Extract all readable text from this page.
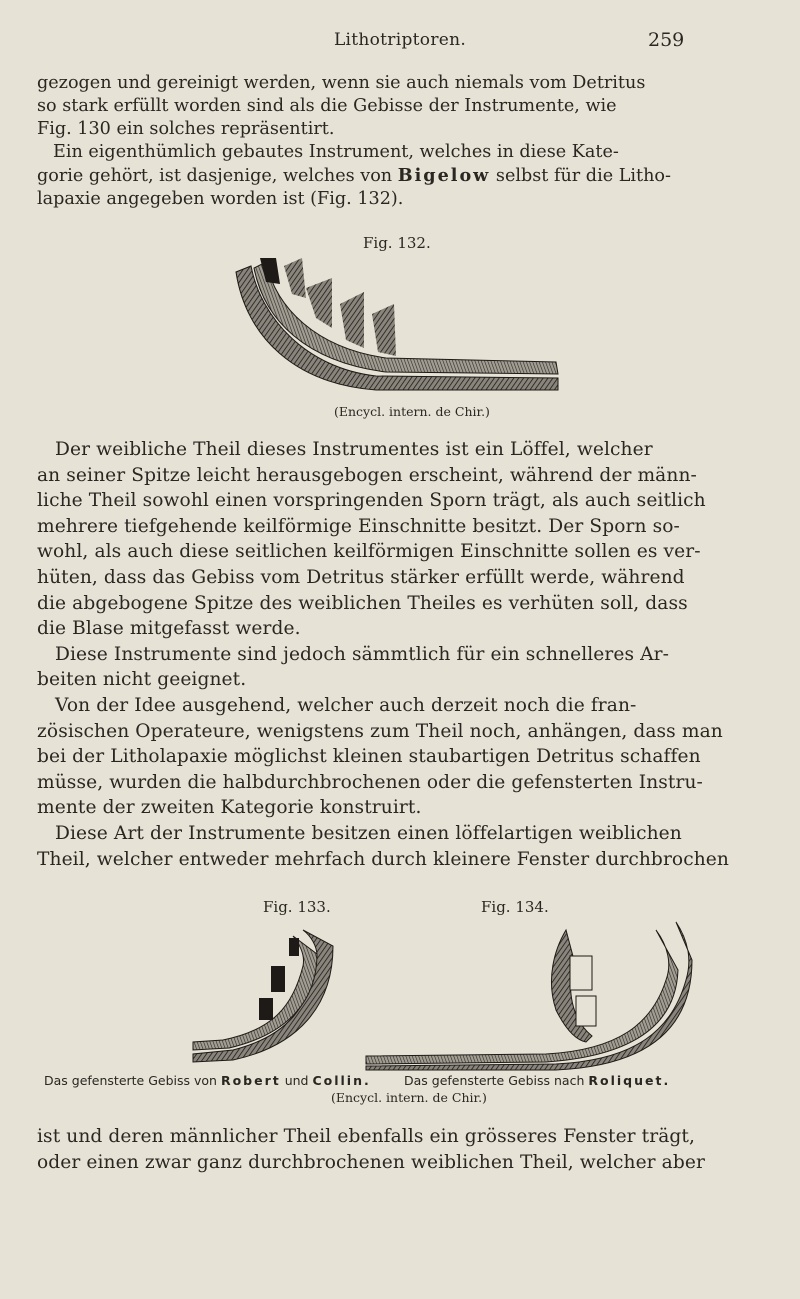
Lithotriptoren.	259
gezogen und gereinigt werden, wenn sie auch niemals vom Detritus
so stark erfüllt worden sind als die Gebisse der Instrumente, wie
Fig. 130 ein solches repräsentirt.
Ein eigenthümlich gebautes Instrument, welches in diese Kate-
gorie gehört, ist dasjenige, welches von Bigelow selbst für die Litho-
lapaxie angegeben worden ist (Fig. 132).
Fig. 132.
(Encycl. intern. de Chir.)
Der weibliche Theil dieses Instrumentes ist ein Löffel, welcher
an seiner Spitze leicht herausgebogen erscheint, während der männ-
liche Theil sowohl einen vorspringenden Sporn trägt, als auch seitlich
mehrere tiefgehende keilförmige Einschnitte besitzt. Der Sporn so-
wohl, als auch diese seitlichen keilförmigen Einschnitte sollen es ver-
hüten, dass das Gebiss vom Detritus stärker erfüllt werde, während
die abgebogene Spitze des weiblichen Theiles es verhüten soll, dass
die Blase mitgefasst werde.
Diese Instrumente sind jedoch sämmtlich für ein schnelleres Ar-
beiten nicht geeignet.
Von der Idee ausgehend, welcher auch derzeit noch die fran-
zösischen Operateure, wenigstens zum Theil noch, anhängen, dass man
bei der Litholapaxie möglichst kleinen staubartigen Detritus schaffen
müsse, wurden die halbdurchbrochenen oder die gefensterten Instru-
mente der zweiten Kategorie konstruirt.
Diese Art der Instrumente besitzen einen löffelartigen weiblichen
Theil, welcher entweder mehrfach durch kleinere Fenster durchbrochen
Fig. 133.	Fig. 134.
Das gefensterte Gebiss von Robert und Collin.	Das gefensterte Gebiss nach Roliquet.
(Encycl. intern. de Chir.)
ist und deren männlicher Theil ebenfalls ein grösseres Fenster trägt,
oder einen zwar ganz durchbrochenen weiblichen Theil, welcher aber
